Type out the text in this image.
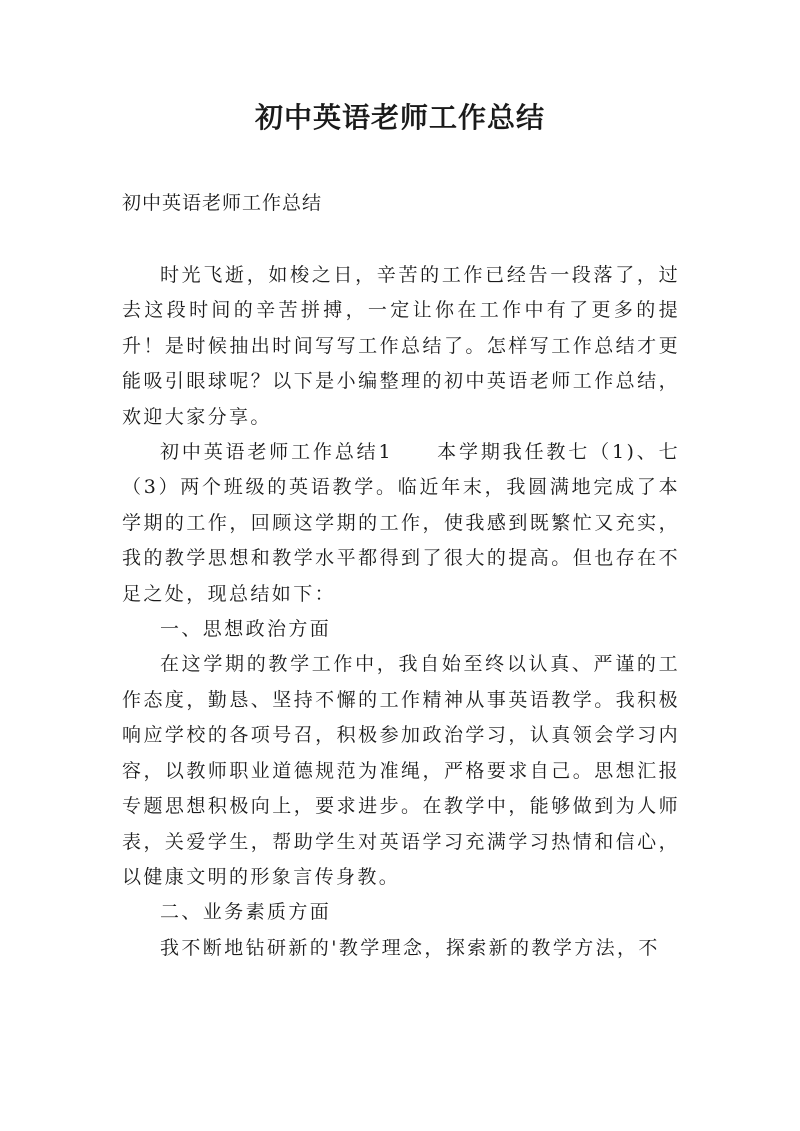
初中英语老师工作总结
初中英语老师工作总结

时光飞逝，如梭之日，辛苦的工作已经告一段落了，过去这段时间的辛苦拼搏，一定让你在工作中有了更多的提升！是时候抽出时间写写工作总结了。怎样写工作总结才更能吸引眼球呢？以下是小编整理的初中英语老师工作总结，欢迎大家分享。

初中英语老师工作总结1　　本学期我任教七（1)、七（3）两个班级的英语教学。临近年末，我圆满地完成了本学期的工作，回顾这学期的工作，使我感到既繁忙又充实，我的教学思想和教学水平都得到了很大的提高。但也存在不足之处，现总结如下：

一、思想政治方面

在这学期的教学工作中，我自始至终以认真、严谨的工作态度，勤恳、坚持不懈的工作精神从事英语教学。我积极响应学校的各项号召，积极参加政治学习，认真领会学习内容，以教师职业道德规范为准绳，严格要求自己。思想汇报专题思想积极向上，要求进步。在教学中，能够做到为人师表，关爱学生，帮助学生对英语学习充满学习热情和信心，以健康文明的形象言传身教。

二、业务素质方面

我不断地钻研新的'教学理念，探索新的教学方法，不
